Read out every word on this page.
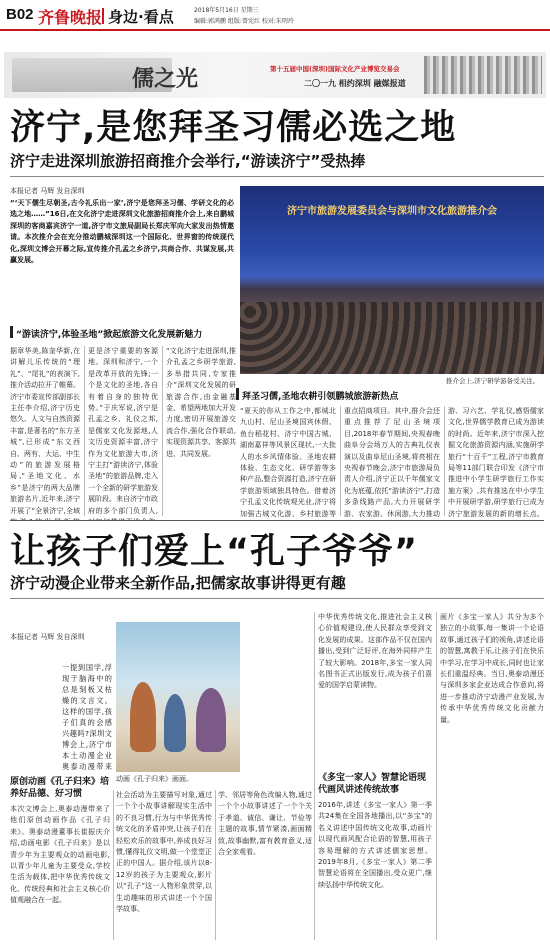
B02 齐鲁晚报 身边·看点	2018年5月16日 星期三
编辑:郭鸿鹏 组版:曾宪红 校对:朱明玲
儒之光	第十五届中国(深圳)国际文化产业博览交易会
二〇一九 相约深圳 融媒报道
济宁,是您拜圣习儒必选之地
济宁走进深圳旅游招商推介会举行,“游读济宁”受热捧
本报记者 马辉 发自深圳
“‘天下儒生尽朝圣,古今礼乐出一家’,济宁是您拜圣习儒、学研文化的必选之地……”16日,在文化济宁走进深圳文化旅游招商推介会上,来自鹏城深圳的客商嘉宾济宁一道,济宁市文旅局副局长郑庆军向大家发出热情邀请。本次推介会在充分推动鹏城深圳这一个国际化、世界窗的传统现代化,深圳文博会开幕之际,宣传推介孔孟之乡济宁,共商合作、共谋发展,共赢发展。
济宁市旅游发展委员会与深圳市文化旅游推介会
推介会上,济宁研学游备受关注。
“游读济宁,体验圣地”掀起旅游文化发展新魅力
据章华美,陈奎华新,在讲解儿乐传统的“理礼”、“尾礼”的表演下,推介活动拉开了帷幕。济宁市委宣传部副部长主任李介绍,济宁历史悠久、人文与自然资源丰富,是著名的“东方圣城”,已形成“东文西自、两有、大运、中生动”的旅游发展格局,“圣地文化、水乡”是济宁的两大品牌旅游名片,近年来,济宁开展了“全景济宁,全域
更是济宁重要的客源地。深圳和济宁,一个是改革开放的先锋;一个是文化的圣地,各自有着自身的独特优势。”于庆军说,济宁是孔孟之乡、礼仪之邦,是儒家文化发源地,人文历史资源丰富,济宁作为文化旅游大市,济宁主打“游读济宁,体验圣地”的旅游品牌,走入一个全新的研学旅游发展阶段。来自济宁市政府的多个部门负责人,
“文化济宁走进深圳,推介孔孟之乡研学旅游,多举措共同,专家推介”深圳文化发展的研旅游合作,由金融基金、希望两地加大开发力度,密切开展旅游交流合作,强化合作联动,实现资源共享、客源共进、共同发展。
拜圣习儒,圣地农耕引领鹏城旅游新热点
“夏天的你从工作之中,都城北九山村、尼山圣境国宾休假、鱼台稻花村、济宁中国古城、湖南嘉祥等风景区现状,一大批人的水乡风情体验、圣地农耕体验、生态文化、研学游等多种产品,整合资源打造,济宁在研学旅游领域独具特色。借着济宁孔孟文化传统观光业,济宁将加强古城文化游、乡村旅游等
重点招商项目。其中,推介会还重点推荐了尼山圣境项目,2018年春节期间,央视春晚曲阜分会场万人的古典礼仪表演以及曲阜尼山圣境,将亮相在央视春节晚会,济宁市旅游局负责人介绍,济宁正以千年儒家文化为底蕴,依托“游读济宁”,打造多条线路产品,大力开展研学游、农家游、休闲游,大力推动
游、习六艺、学礼仪,感悟儒家文化,世界儒学教育已成为游读的时尚。近年来,济宁市深入挖掘文化旅游资源内涵,实施研学旅行“十百千”工程,济宁市教育局等11部门联合印发《济宁市推进中小学生研学旅行工作实施方案》,共有推选在中小学生中开展研学游,研学旅行已成为济宁旅游发展的新的增长点。
让孩子们爱上“孔子爷爷”
济宁动漫企业带来全新作品,把儒家故事讲得更有趣
本报记者 马辉 发自深圳
一提到国学,浮现于脑海中的总是刻板又枯燥的文言文。这样的国学,孩子们真的会感兴趣吗?深圳文博会上,济宁市本土动漫企业奥泰动漫带来
动画《孔子归来》画面。
原创动画《孔子归来》培养好品德、好习惯
本次文博会上,奥泰动漫带来了他们原创动画作品《孔子归来》。奥泰动漫董事长崔振庆介绍,动画电影《孔子归来》是以青少年为主要观众的动画电影,以青少年儿童为主要受众,学校生活为载体,把中华优秀传统文化、传统经典和社会主义核心价值观融合在一起。
社会活动为主要描写对象,通过一个个小故事讲解现实生活中的不良习惯,行为与中华优秀传统文化的矛盾冲突,让孩子们在轻松欢乐的故事中,养成良好习惯,懂得礼仪文明,做一个堂堂正正的中国人。据介绍,该片以8-12岁的孩子为主要观众,影片以“孔子”这一人物形象贯穿,以生动趣味的形式讲述一个个国学故事。
学、邻居等角色改编人物,通过一个个小故事讲述了一个个关于孝道、诚信、谦让、节俭等主题的故事,情节紧凑,画面精致,故事幽默,富有教育意义,适合全家观看。
中华优秀传统文化,推进社会主义核心价值观建设,使人民群众享受到文化发展的成果。这部作品不仅在国内播出,受到广泛好评,在海外同样产生了较大影响。2018年,多宝一家人同名图书正式出版发行,成为孩子们喜爱的国学启蒙读物。
《多宝一家人》智慧论语现代画风讲述传统故事
2016年,讲述《多宝一家人》第一季共24集在全国各地播出,以“多宝”的名义讲述中国传统文化故事,动画片以现代画风配合论语的智慧,用孩子容易理解的方式讲述儒家思想。2019年8月,《多宝一家人》第二季智慧论语将在全国播出,受众更广,继续弘扬中华传统文化。
画片《多宝一家人》共分为多个独立的小故事,每一集讲一个论语故事,通过孩子们的视角,讲述论语的智慧,寓教于乐,让孩子们在快乐中学习,在学习中成长,同时也让家长们重温经典。当日,奥泰动漫还与深圳多家企业达成合作意向,将进一步推动济宁动漫产业发展,为传承中华优秀传统文化贡献力量。
